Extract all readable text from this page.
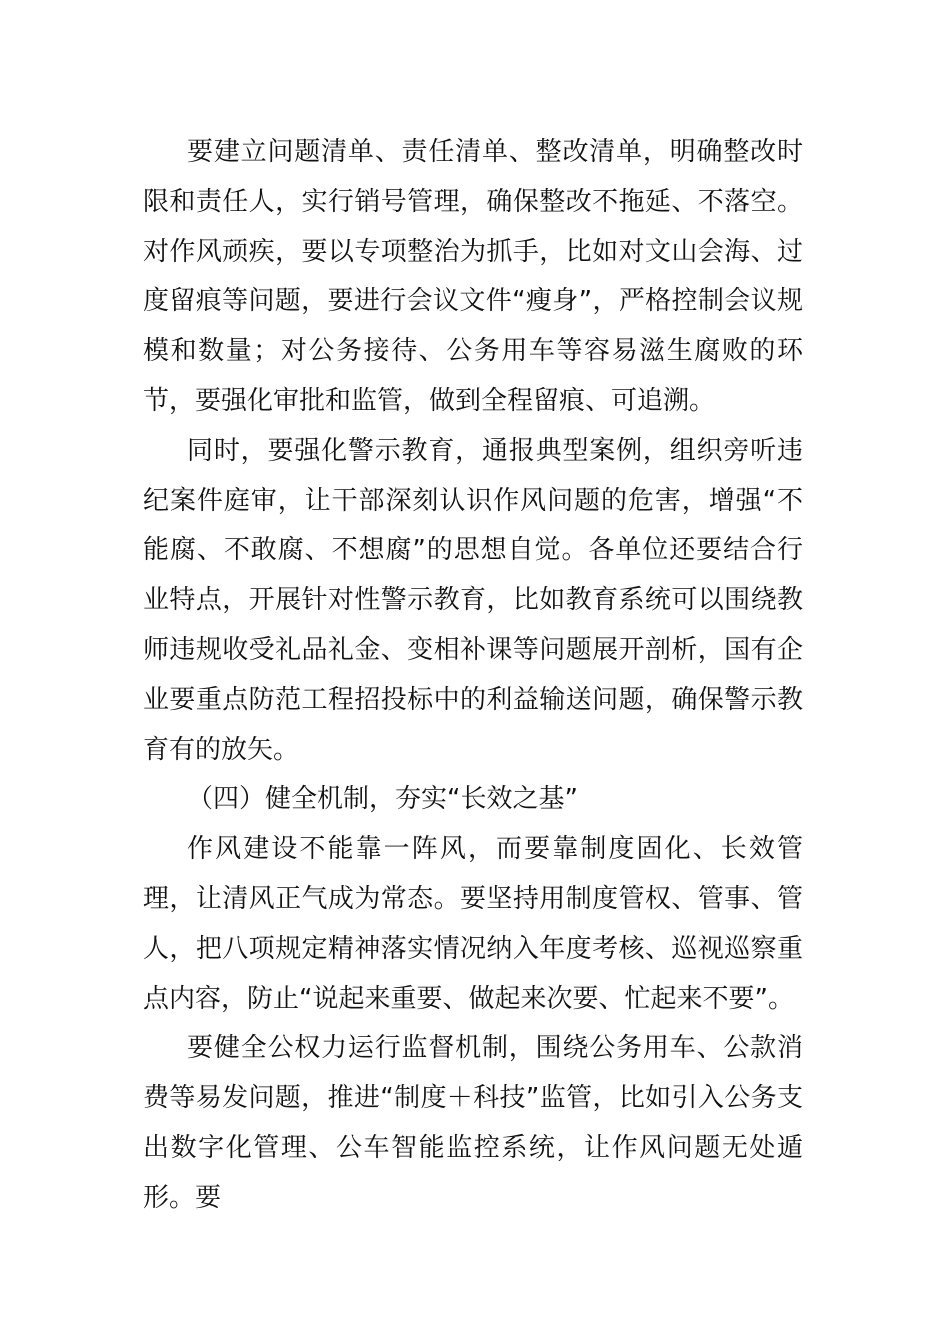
要建立问题清单、责任清单、整改清单，明确整改时限和责任人，实行销号管理，确保整改不拖延、不落空。对作风顽疾，要以专项整治为抓手，比如对文山会海、过度留痕等问题，要进行会议文件“瘦身”，严格控制会议规模和数量；对公务接待、公务用车等容易滋生腐败的环节，要强化审批和监管，做到全程留痕、可追溯。

同时，要强化警示教育，通报典型案例，组织旁听违纪案件庭审，让干部深刻认识作风问题的危害，增强“不能腐、不敢腐、不想腐”的思想自觉。各单位还要结合行业特点，开展针对性警示教育，比如教育系统可以围绕教师违规收受礼品礼金、变相补课等问题展开剖析，国有企业要重点防范工程招投标中的利益输送问题，确保警示教育有的放矢。

（四）健全机制，夯实“长效之基”

作风建设不能靠一阵风，而要靠制度固化、长效管理，让清风正气成为常态。要坚持用制度管权、管事、管人，把八项规定精神落实情况纳入年度考核、巡视巡察重点内容，防止“说起来重要、做起来次要、忙起来不要”。

要健全公权力运行监督机制，围绕公务用车、公款消费等易发问题，推进“制度＋科技”监管，比如引入公务支出数字化管理、公车智能监控系统，让作风问题无处遁形。要
